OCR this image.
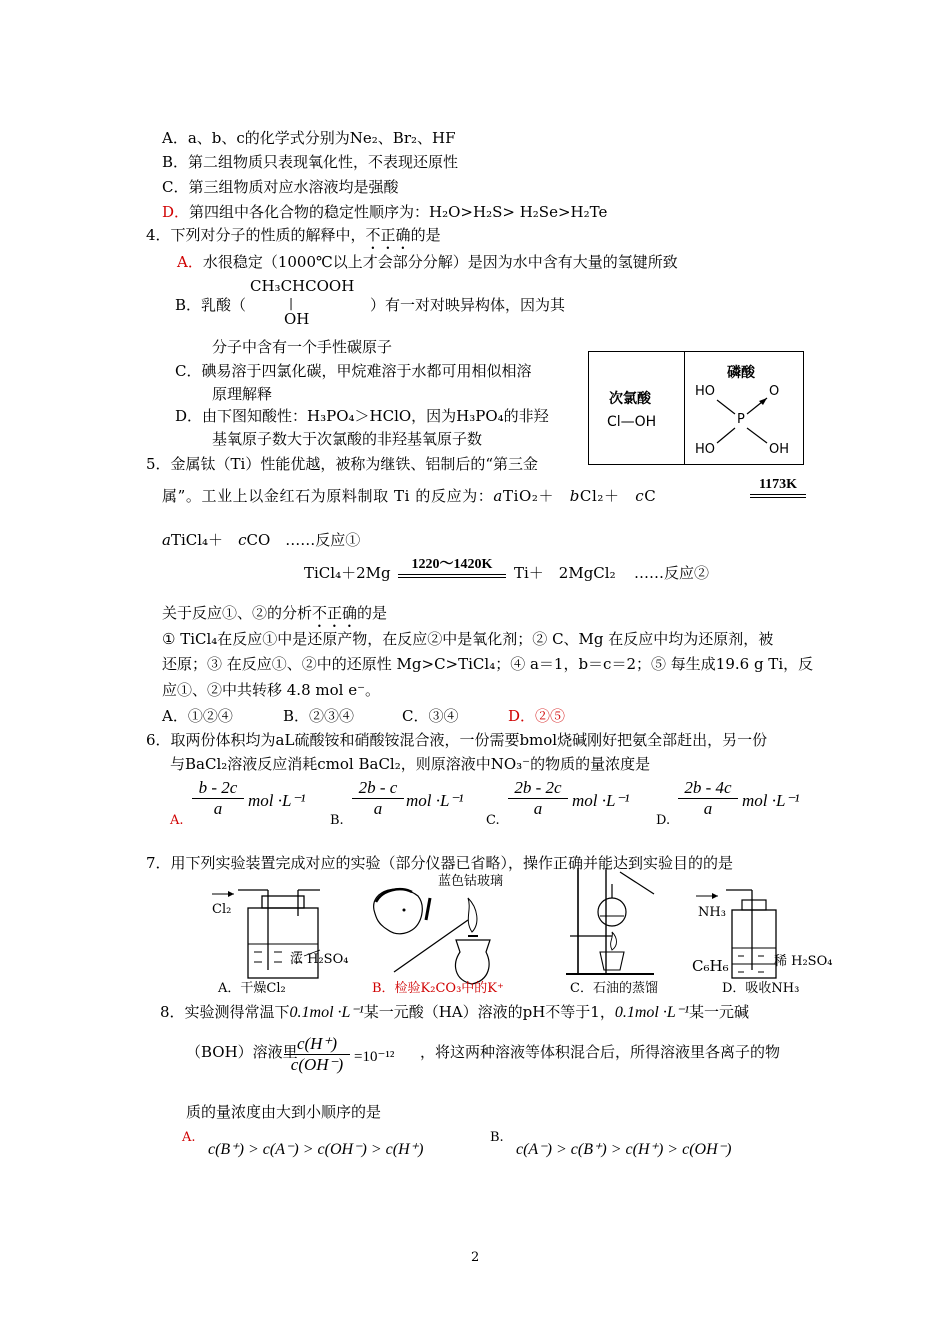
A．a、b、c的化学式分别为Ne₂、Br₂、HF
B．第二组物质只表现氧化性，不表现还原性
C．第三组物质对应水溶液均是强酸
D．第四组中各化合物的稳定性顺序为：H₂O>H₂S> H₂Se>H₂Te
4．下列对分子的性质的解释中，不正确的是
A．水很稳定（1000℃以上才会部分分解）是因为水中含有大量的氢键所致
CH₃CHCOOH
|
OH
B．乳酸（	）有一对对映异构体，因为其
分子中含有一个手性碳原子
C．碘易溶于四氯化碳，甲烷难溶于水都可用相似相溶
原理解释
D．由下图知酸性：H₃PO₄＞HClO，因为H₃PO₄的非羟
基氧原子数大于次氯酸的非羟基氧原子数
次氯酸
Cl—OH
磷酸
HO	O
P
HO	OH
5．金属钛（Ti）性能优越，被称为继铁、铝制后的“第三金
属”。工业上以金红石为原料制取 Ti 的反应为：aTiO₂＋　 bCl₂＋　 cC
1173K
aTiCl₄＋　 cCO　 ……反应①
TiCl₄＋2Mg	1220～1420K	Ti＋　2MgCl₂ ……反应②
关于反应①、②的分析不正确的是
① TiCl₄在反应①中是还原产物，在反应②中是氧化剂；② C、Mg 在反应中均为还原剂，被
还原；③ 在反应①、②中的还原性 Mg>C>TiCl₄；④ a＝1，b＝c＝2；⑤ 每生成19.6 g Ti，反
应①、②中共转移 4.8 mol e⁻。
A．①②④	B．②③④	C．③④	D．②⑤
6．取两份体积均为aL硫酸铵和硝酸铵混合液，一份需要bmol烧碱刚好把氨全部赶出，另一份
与BaCl₂溶液反应消耗cmol BaCl₂，则原溶液中NO₃⁻的物质的量浓度是
A.
$\frac{b - 2c}{a}$ mol ·L⁻¹
B.
$\frac{2b - c}{a}$ mol ·L⁻¹
C.
$\frac{2b - 2c}{a}$ mol ·L⁻¹
D.
$\frac{2b - 4c}{a}$ mol ·L⁻¹
7．用下列实验装置完成对应的实验（部分仪器已省略），操作正确并能达到实验目的的是
Cl₂
浓 H₂SO₄
蓝色钴玻璃
NH₃
C₆H₆	稀 H₂SO₄
A．干燥Cl₂	B．检验K₂CO₃中的K⁺	C．石油的蒸馏	D．吸收NH₃
8．实验测得常温下0.1mol ·L⁻¹某一元酸（HA）溶液的pH不等于1，0.1mol ·L⁻¹某一元碱
（BOH）溶液里
$\frac{c(H^+)}{c(OH^-)} =10^{-12}$ ，将这两种溶液等体积混合后，所得溶液里各离子的物
质的量浓度由大到小顺序的是
A.
c(B⁺) > c(A⁻) > c(OH⁻) > c(H⁺)
B.
c(A⁻) > c(B⁺) > c(H⁺) > c(OH⁻)
2
